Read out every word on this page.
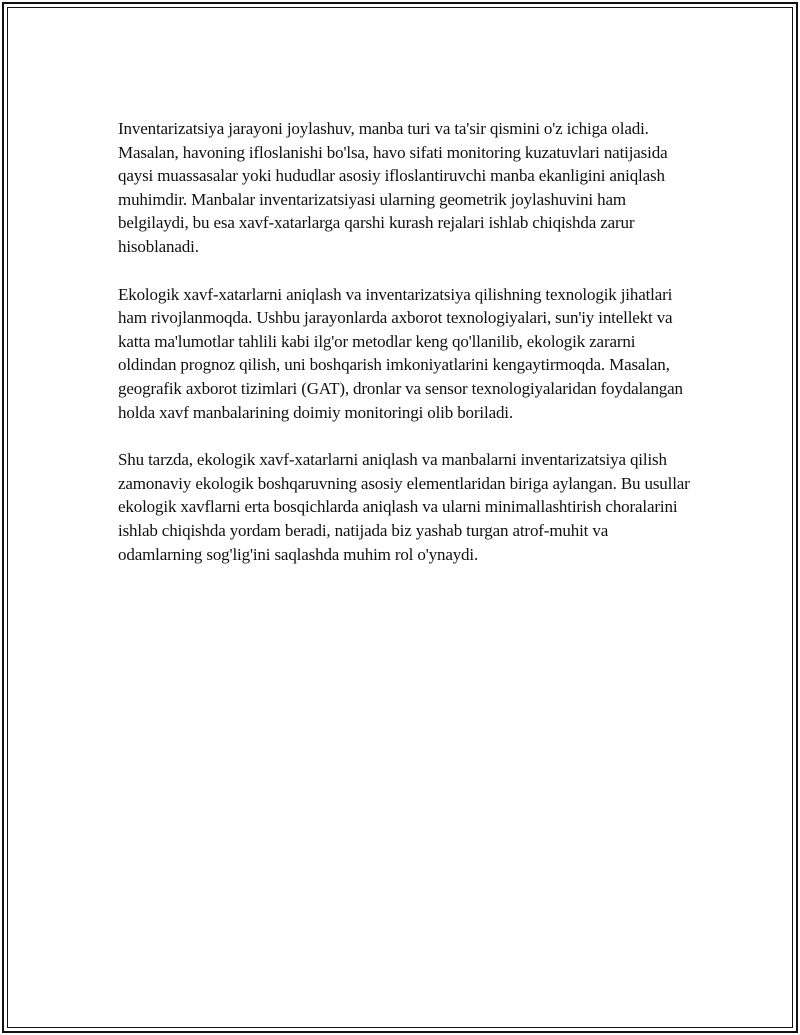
Inventarizatsiya jarayoni joylashuv, manba turi va ta'sir qismini o'z ichiga oladi. Masalan, havoning ifloslanishi bo'lsa, havo sifati monitoring kuzatuvlari natijasida qaysi muassasalar yoki hududlar asosiy ifloslantiruvchi manba ekanligini aniqlash muhimdir. Manbalar inventarizatsiyasi ularning geometrik joylashuvini ham belgilaydi, bu esa xavf-xatarlarga qarshi kurash rejalari ishlab chiqishda zarur hisoblanadi.

Ekologik xavf-xatarlarni aniqlash va inventarizatsiya qilishning texnologik jihatlari ham rivojlanmoqda. Ushbu jarayonlarda axborot texnologiyalari, sun'iy intellekt va katta ma'lumotlar tahlili kabi ilg'or metodlar keng qo'llanilib, ekologik zararni oldindan prognoz qilish, uni boshqarish imkoniyatlarini kengaytirmoqda. Masalan, geografik axborot tizimlari (GAT), dronlar va sensor texnologiyalaridan foydalangan holda xavf manbalarining doimiy monitoringi olib boriladi.

Shu tarzda, ekologik xavf-xatarlarni aniqlash va manbalarni inventarizatsiya qilish zamonaviy ekologik boshqaruvning asosiy elementlaridan biriga aylangan. Bu usullar ekologik xavflarni erta bosqichlarda aniqlash va ularni minimallashtirish choralarini ishlab chiqishda yordam beradi, natijada biz yashab turgan atrof-muhit va odamlarning sog'lig'ini saqlashda muhim rol o'ynaydi.
